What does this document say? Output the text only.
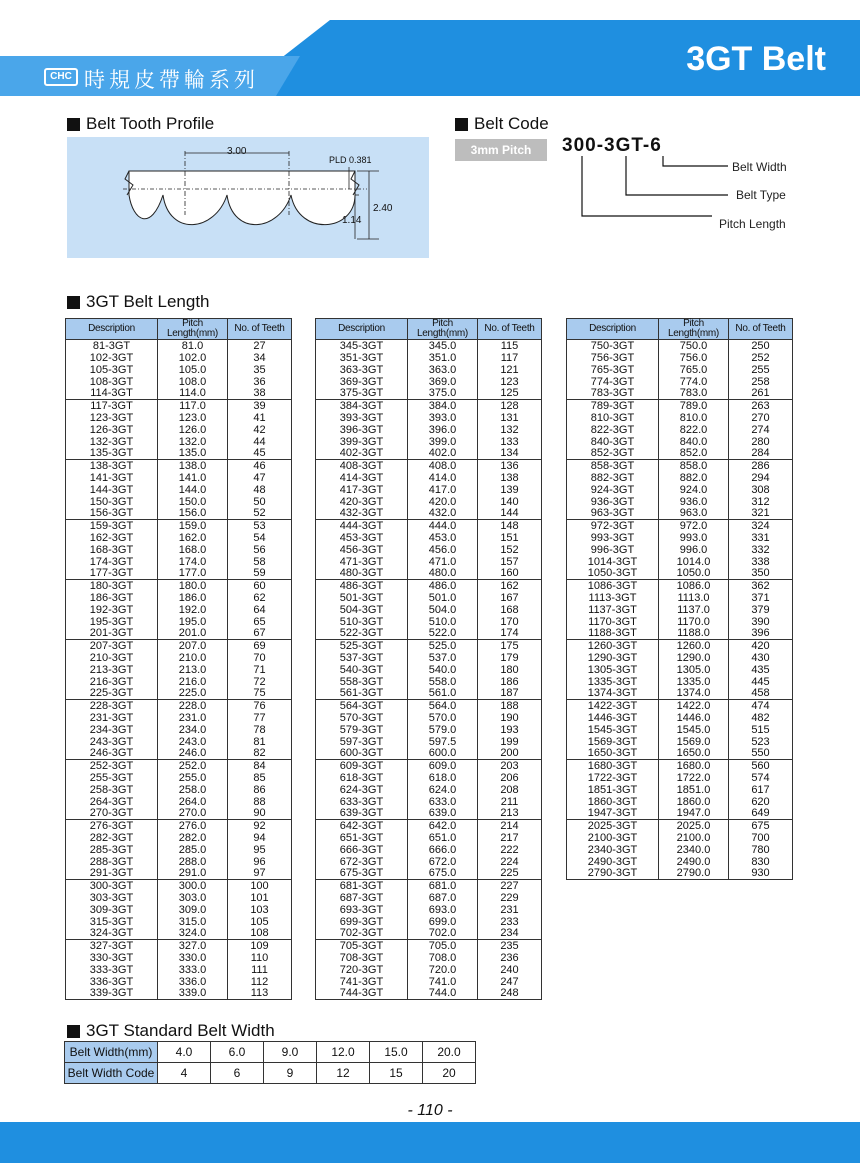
CHC 時規皮帶輪系列
3GT Belt
Belt Tooth Profile
3.00
PLD 0.381
2.40
1.14
Belt Code
3mm Pitch	300-3GT-6
Belt Width
Belt Type
Pitch Length
3GT Belt Length
Description	Pitch Length(mm)	No. of Teeth
81-3GT	81.0	27
102-3GT	102.0	34
105-3GT	105.0	35
108-3GT	108.0	36
114-3GT	114.0	38
117-3GT	117.0	39
123-3GT	123.0	41
126-3GT	126.0	42
132-3GT	132.0	44
135-3GT	135.0	45
138-3GT	138.0	46
141-3GT	141.0	47
144-3GT	144.0	48
150-3GT	150.0	50
156-3GT	156.0	52
159-3GT	159.0	53
162-3GT	162.0	54
168-3GT	168.0	56
174-3GT	174.0	58
177-3GT	177.0	59
180-3GT	180.0	60
186-3GT	186.0	62
192-3GT	192.0	64
195-3GT	195.0	65
201-3GT	201.0	67
207-3GT	207.0	69
210-3GT	210.0	70
213-3GT	213.0	71
216-3GT	216.0	72
225-3GT	225.0	75
228-3GT	228.0	76
231-3GT	231.0	77
234-3GT	234.0	78
243-3GT	243.0	81
246-3GT	246.0	82
252-3GT	252.0	84
255-3GT	255.0	85
258-3GT	258.0	86
264-3GT	264.0	88
270-3GT	270.0	90
276-3GT	276.0	92
282-3GT	282.0	94
285-3GT	285.0	95
288-3GT	288.0	96
291-3GT	291.0	97
300-3GT	300.0	100
303-3GT	303.0	101
309-3GT	309.0	103
315-3GT	315.0	105
324-3GT	324.0	108
327-3GT	327.0	109
330-3GT	330.0	110
333-3GT	333.0	111
336-3GT	336.0	112
339-3GT	339.0	113
Description	Pitch Length(mm)	No. of Teeth
345-3GT	345.0	115
351-3GT	351.0	117
363-3GT	363.0	121
369-3GT	369.0	123
375-3GT	375.0	125
384-3GT	384.0	128
393-3GT	393.0	131
396-3GT	396.0	132
399-3GT	399.0	133
402-3GT	402.0	134
408-3GT	408.0	136
414-3GT	414.0	138
417-3GT	417.0	139
420-3GT	420.0	140
432-3GT	432.0	144
444-3GT	444.0	148
453-3GT	453.0	151
456-3GT	456.0	152
471-3GT	471.0	157
480-3GT	480.0	160
486-3GT	486.0	162
501-3GT	501.0	167
504-3GT	504.0	168
510-3GT	510.0	170
522-3GT	522.0	174
525-3GT	525.0	175
537-3GT	537.0	179
540-3GT	540.0	180
558-3GT	558.0	186
561-3GT	561.0	187
564-3GT	564.0	188
570-3GT	570.0	190
579-3GT	579.0	193
597-3GT	597.5	199
600-3GT	600.0	200
609-3GT	609.0	203
618-3GT	618.0	206
624-3GT	624.0	208
633-3GT	633.0	211
639-3GT	639.0	213
642-3GT	642.0	214
651-3GT	651.0	217
666-3GT	666.0	222
672-3GT	672.0	224
675-3GT	675.0	225
681-3GT	681.0	227
687-3GT	687.0	229
693-3GT	693.0	231
699-3GT	699.0	233
702-3GT	702.0	234
705-3GT	705.0	235
708-3GT	708.0	236
720-3GT	720.0	240
741-3GT	741.0	247
744-3GT	744.0	248
Description	Pitch Length(mm)	No. of Teeth
750-3GT	750.0	250
756-3GT	756.0	252
765-3GT	765.0	255
774-3GT	774.0	258
783-3GT	783.0	261
789-3GT	789.0	263
810-3GT	810.0	270
822-3GT	822.0	274
840-3GT	840.0	280
852-3GT	852.0	284
858-3GT	858.0	286
882-3GT	882.0	294
924-3GT	924.0	308
936-3GT	936.0	312
963-3GT	963.0	321
972-3GT	972.0	324
993-3GT	993.0	331
996-3GT	996.0	332
1014-3GT	1014.0	338
1050-3GT	1050.0	350
1086-3GT	1086.0	362
1113-3GT	1113.0	371
1137-3GT	1137.0	379
1170-3GT	1170.0	390
1188-3GT	1188.0	396
1260-3GT	1260.0	420
1290-3GT	1290.0	430
1305-3GT	1305.0	435
1335-3GT	1335.0	445
1374-3GT	1374.0	458
1422-3GT	1422.0	474
1446-3GT	1446.0	482
1545-3GT	1545.0	515
1569-3GT	1569.0	523
1650-3GT	1650.0	550
1680-3GT	1680.0	560
1722-3GT	1722.0	574
1851-3GT	1851.0	617
1860-3GT	1860.0	620
1947-3GT	1947.0	649
2025-3GT	2025.0	675
2100-3GT	2100.0	700
2340-3GT	2340.0	780
2490-3GT	2490.0	830
2790-3GT	2790.0	930
3GT Standard Belt Width
Belt Width(mm)	4.0	6.0	9.0	12.0	15.0	20.0
Belt Width Code	4	6	9	12	15	20
- 110 -
